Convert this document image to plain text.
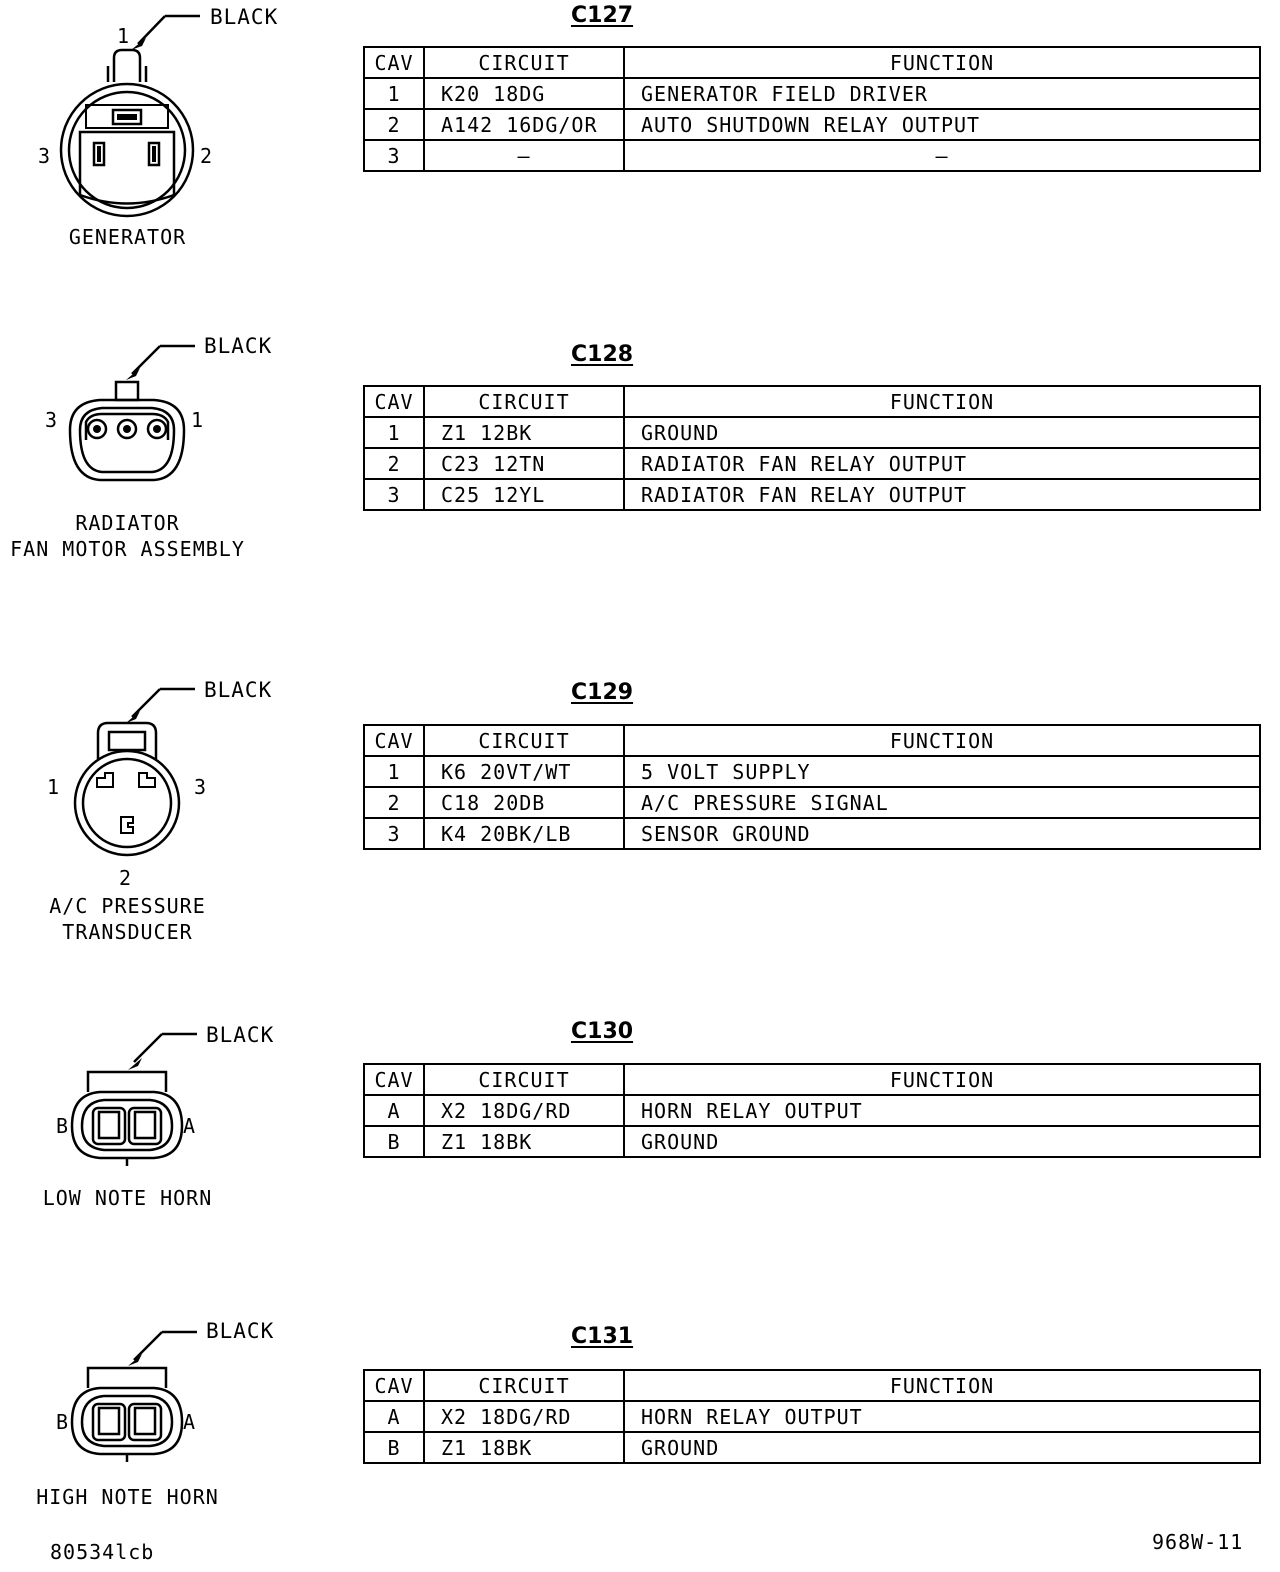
BLACK
1
3	2
GENERATOR
C127
CAV	CIRCUIT	FUNCTION
1	K20 18DG	GENERATOR FIELD DRIVER
2	A142 16DG/OR	AUTO SHUTDOWN RELAY OUTPUT
3	–	–
BLACK
3	1
RADIATOR
FAN MOTOR ASSEMBLY
C128
CAV	CIRCUIT	FUNCTION
1	Z1 12BK	GROUND
2	C23 12TN	RADIATOR FAN RELAY OUTPUT
3	C25 12YL	RADIATOR FAN RELAY OUTPUT
BLACK
1	3
2
A/C PRESSURE
TRANSDUCER
C129
CAV	CIRCUIT	FUNCTION
1	K6 20VT/WT	5 VOLT SUPPLY
2	C18 20DB	A/C PRESSURE SIGNAL
3	K4 20BK/LB	SENSOR GROUND
BLACK
B	A
LOW NOTE HORN
C130
CAV	CIRCUIT	FUNCTION
A	X2 18DG/RD	HORN RELAY OUTPUT
B	Z1 18BK	GROUND
BLACK
B	A
HIGH NOTE HORN
C131
CAV	CIRCUIT	FUNCTION
A	X2 18DG/RD	HORN RELAY OUTPUT
B	Z1 18BK	GROUND
80534lcb	968W-11
